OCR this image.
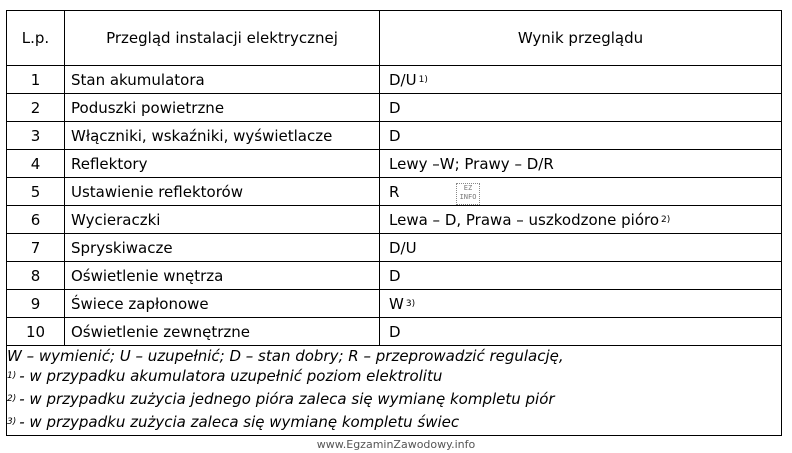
L.p.	Przegląd instalacji elektrycznej	Wynik przeglądu
1	Stan akumulatora	D/U $^{1)}$
2	Poduszki powietrzne	D
3	Włączniki, wskaźniki, wyświetlacze	D
4	Reflektory	Lewy –W; Prawy – D/R
5	Ustawienie reflektorów	R
6	Wycieraczki	Lewa – D, Prawa – uszkodzone pióro $^{2)}$
7	Spryskiwacze	D/U
8	Oświetlenie wnętrza	D
9	Świece zapłonowe	W $^{3)}$
10	Oświetlenie zewnętrzne	D

W – wymienić; U – uzupełnić; D – stan dobry; R – przeprowadzić regulację,
$^{1)}$ - w przypadku akumulatora uzupełnić poziom elektrolitu
$^{2)}$ - w przypadku zużycia jednego pióra zaleca się wymianę kompletu piór
$^{3)}$ - w przypadku zużycia zaleca się wymianę kompletu świec		
EZ INFO
www.EgzaminZawodowy.info
